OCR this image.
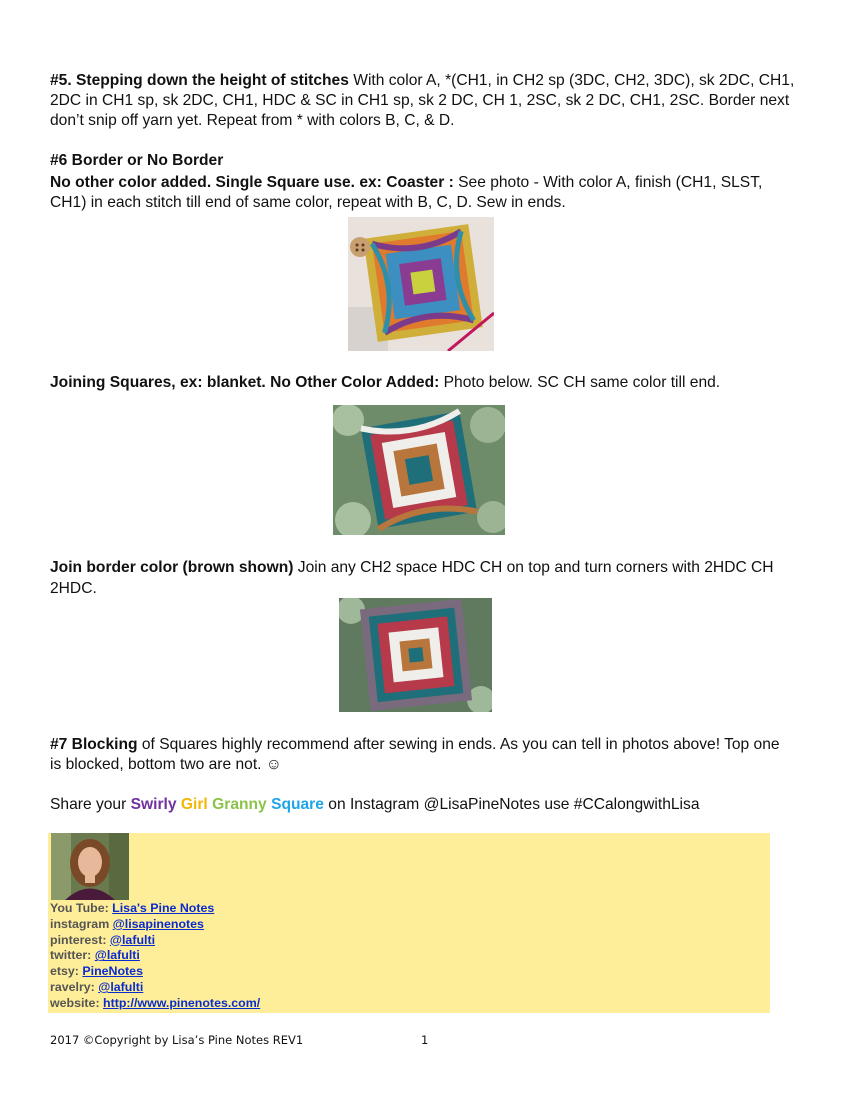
#5. Stepping down the height of stitches With color A, *(CH1, in CH2 sp (3DC, CH2, 3DC), sk 2DC, CH1, 2DC in CH1 sp, sk 2DC, CH1, HDC & SC in CH1 sp, sk 2 DC, CH 1, 2SC, sk 2 DC, CH1, 2SC. Border next don’t snip off yarn yet. Repeat from * with colors B, C, & D.

#6 Border or No Border

No other color added. Single Square use. ex: Coaster : See photo - With color A, finish (CH1, SLST, CH1) in each stitch till end of same color, repeat with B, C, D. Sew in ends.

Joining Squares, ex: blanket. No Other Color Added: Photo below. SC CH same color till end.

Join border color (brown shown) Join any CH2 space HDC CH on top and turn corners with 2HDC CH 2HDC.

#7 Blocking of Squares highly recommend after sewing in ends. As you can tell in photos above! Top one is blocked, bottom two are not. ☺

Share your Swirly Girl Granny Square on Instagram @LisaPineNotes use #CCalongwithLisa

You Tube: Lisa's Pine Notes
instagram @lisapinenotes
pinterest: @lafulti
twitter: @lafulti
etsy: PineNotes
ravelry: @lafulti
website: http://www.pinenotes.com/
2017 ©Copyright by Lisa’s Pine Notes REV1	1
